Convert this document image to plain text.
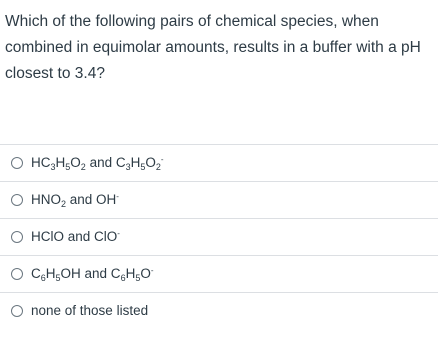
Which of the following pairs of chemical species, when combined in equimolar amounts, results in a buffer with a pH closest to 3.4?
$HC_3H_5O_2$ and $C_3H_5O_2^-$
$HNO_2$ and OH-
HClO and ClO-
$C_6H_5OH$ and $C_6H_5O^-$
none of those listed
